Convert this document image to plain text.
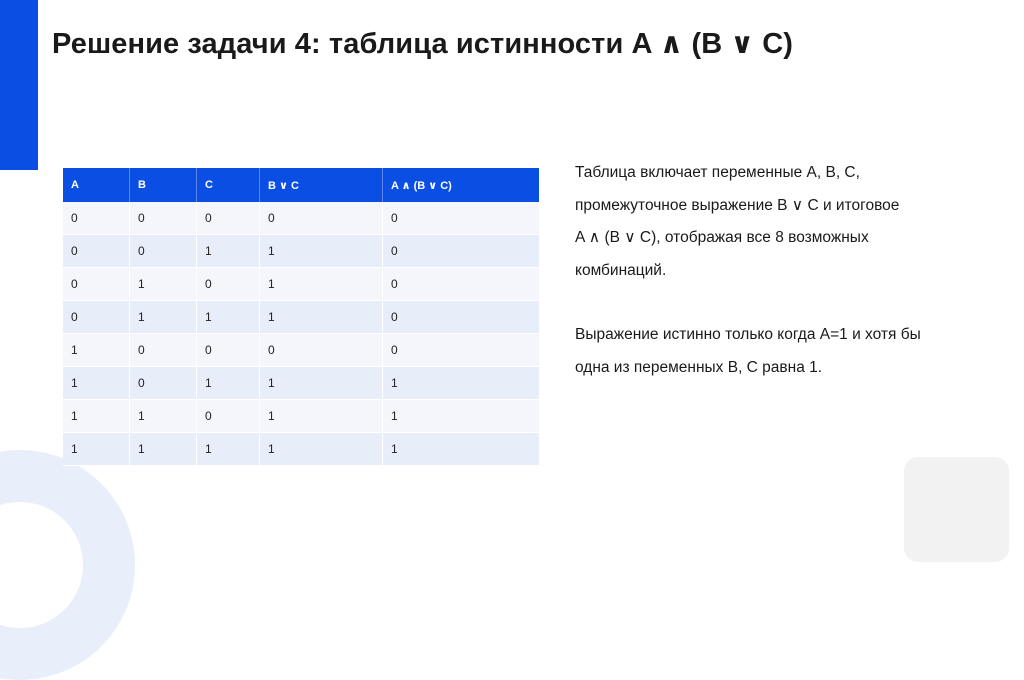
17
Решение задачи 4: таблица истинности A ∧ (B ∨ C)
A	B	C	B ∨ C	A ∧ (B ∨ C)
0	0	0	0	0
0	0	1	1	0
0	1	0	1	0
0	1	1	1	0
1	0	0	0	0
1	0	1	1	1
1	1	0	1	1
1	1	1	1	1

Таблица включает переменные A, B, C,
промежуточное выражение B ∨ C и итоговое
A ∧ (B ∨ C), отображая все 8 возможных
комбинаций.

Выражение истинно только когда A=1 и хотя бы
одна из переменных B, C равна 1.
